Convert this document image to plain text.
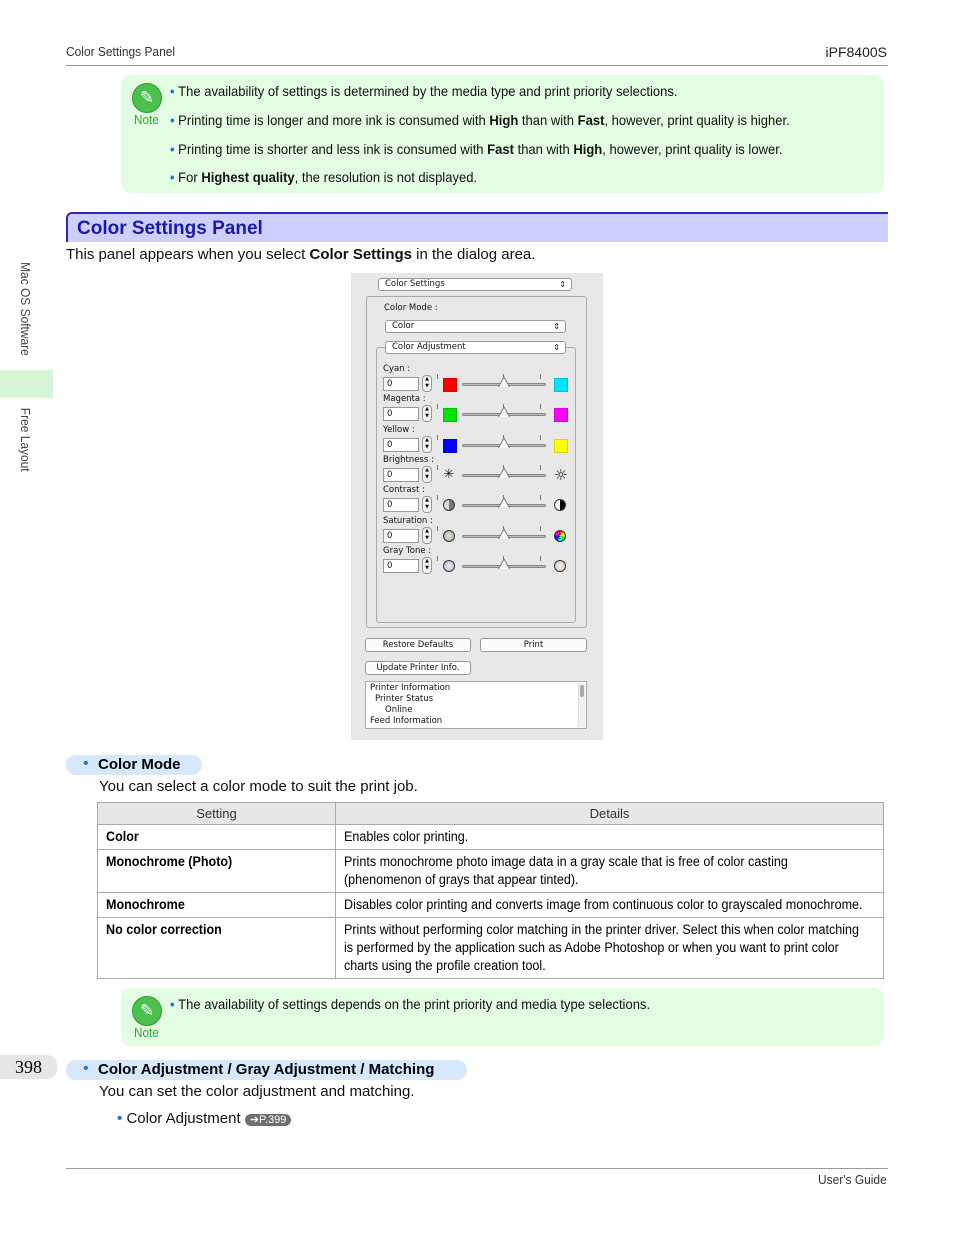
Color Settings Panel	iPF8400S
User's Guide
Mac OS Software
Free Layout
398
✎
Note
• The availability of settings is determined by the media type and print priority selections.
• Printing time is longer and more ink is consumed with High than with Fast, however, print quality is higher.
• Printing time is shorter and less ink is consumed with Fast than with High, however, print quality is lower.
• For Highest quality, the resolution is not displayed.
Color Settings Panel
This panel appears when you select Color Settings in the dialog area.
Color Settings	⇕
Color Mode :
Color	⇕
Color Adjustment	⇕
Cyan :
0	▲
▼
Magenta :
0	▲
▼
Yellow :
0	▲
▼
Brightness :
0	▲
▼ ✳	☼
Contrast :
0	▲
▼
Saturation :
0	▲
▼
Gray Tone :
0	▲
▼
Restore Defaults	Print
Update Printer Info.
Printer Information
Printer Status
Online
Feed Information
• Color Mode
You can select a color mode to suit the print job.
Setting	Details
Color	Enables color printing.
Monochrome (Photo)	Prints monochrome photo image data in a gray scale that is free of color casting (phenomenon of grays that appear tinted).
Monochrome	Disables color printing and converts image from continuous color to grayscaled monochrome.
No color correction	Prints without performing color matching in the printer driver. Select this when color matching is performed by the application such as Adobe Photoshop or when you want to print color charts using the profile creation tool.
✎
Note
• The availability of settings depends on the print priority and media type selections.
• Color Adjustment / Gray Adjustment / Matching
You can set the color adjustment and matching.
• Color Adjustment ➔P.399
